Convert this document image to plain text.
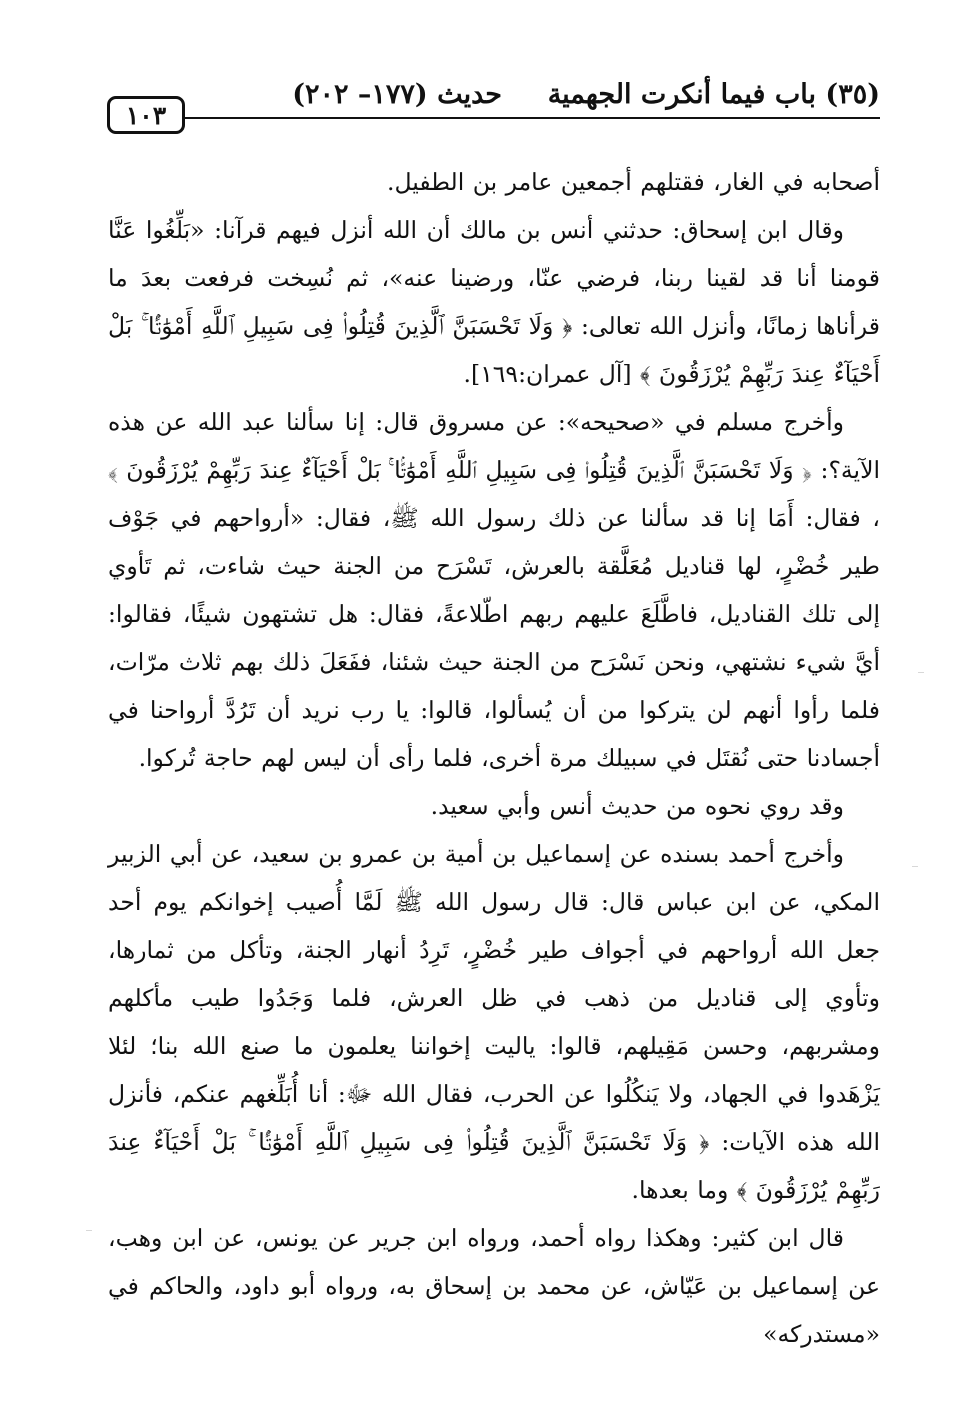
(٣٥) باب فيما أنكرت الجهمية
حديث (١٧٧– ٢٠٢)
١٠٣

أصحابه في الغار، فقتلهم أجمعين عامر بن الطفيل.

وقال ابن إسحاق: حدثني أنس بن مالك أن الله أنزل فيهم قرآنا: «بَلِّغُوا عَنَّا قومنا أنا قد لقينا ربنا، فرضي عنّا، ورضينا عنه»، ثم نُسِخت فرفعت بعدَ ما قرأناها زمانًا، وأنزل الله تعالى: ﴿ وَلَا تَحْسَبَنَّ ٱلَّذِينَ قُتِلُوا۟ فِى سَبِيلِ ٱللَّهِ أَمْوَٰتًۢا ۚ بَلْ أَحْيَآءٌ عِندَ رَبِّهِمْ يُرْزَقُونَ ﴾ [آل عمران:١٦٩].

وأخرج مسلم في «صحيحه»: عن مسروق قال: إنا سألنا عبد الله عن هذه الآية؟: ﴿ وَلَا تَحْسَبَنَّ ٱلَّذِينَ قُتِلُوا۟ فِى سَبِيلِ ٱللَّهِ أَمْوَٰتًۢا ۚ بَلْ أَحْيَآءٌ عِندَ رَبِّهِمْ يُرْزَقُونَ ﴾ ، فقال: أَمَا إنا قد سألنا عن ذلك رسول الله ﷺ، فقال: «أرواحهم في جَوْف طير خُضْرٍ، لها قناديل مُعَلَّقة بالعرش، تَسْرَح من الجنة حيث شاءت، ثم تَأوي إلى تلك القناديل، فاطَّلَعَ عليهم ربهم اطّلاعةً، فقال: هل تشتهون شيئًا، فقالوا: أيَّ شيء نشتهي، ونحن نَسْرَح من الجنة حيث شئنا، ففَعَلَ ذلك بهم ثلاث مرّات، فلما رأوا أنهم لن يتركوا من أن يُسألوا، قالوا: يا رب نريد أن تَرُدَّ أرواحنا في أجسادنا حتى نُقتَل في سبيلك مرة أخرى، فلما رأى أن ليس لهم حاجة تُركوا.

وقد روي نحوه من حديث أنس وأبي سعيد.

وأخرج أحمد بسنده عن إسماعيل بن أمية بن عمرو بن سعيد، عن أبي الزبير المكي، عن ابن عباس قال: قال رسول الله ﷺ لَمَّا أُصيب إخوانكم يوم أحد جعل الله أرواحهم في أجواف طير خُضْرٍ، تَرِدُ أنهار الجنة، وتأكل من ثمارها، وتأوي إلى قناديل من ذهب في ظل العرش، فلما وَجَدُوا طيب مأكلهم ومشربهم، وحسن مَقِيلهم، قالوا: ياليت إخواننا يعلمون ما صنع الله بنا؛ لئلا يَزْهَدوا في الجهاد، ولا يَنكُلُوا عن الحرب، فقال الله ﷻ: أنا أُبَلِّغهم عنكم، فأنزل الله هذه الآيات: ﴿ وَلَا تَحْسَبَنَّ ٱلَّذِينَ قُتِلُوا۟ فِى سَبِيلِ ٱللَّهِ أَمْوَٰتًۢا ۚ بَلْ أَحْيَآءٌ عِندَ رَبِّهِمْ يُرْزَقُونَ ﴾ وما بعدها.

قال ابن كثير: وهكذا رواه أحمد، ورواه ابن جرير عن يونس، عن ابن وهب، عن إسماعيل بن عَيّاش، عن محمد بن إسحاق به، ورواه أبو داود، والحاكم في «مستدركه»
